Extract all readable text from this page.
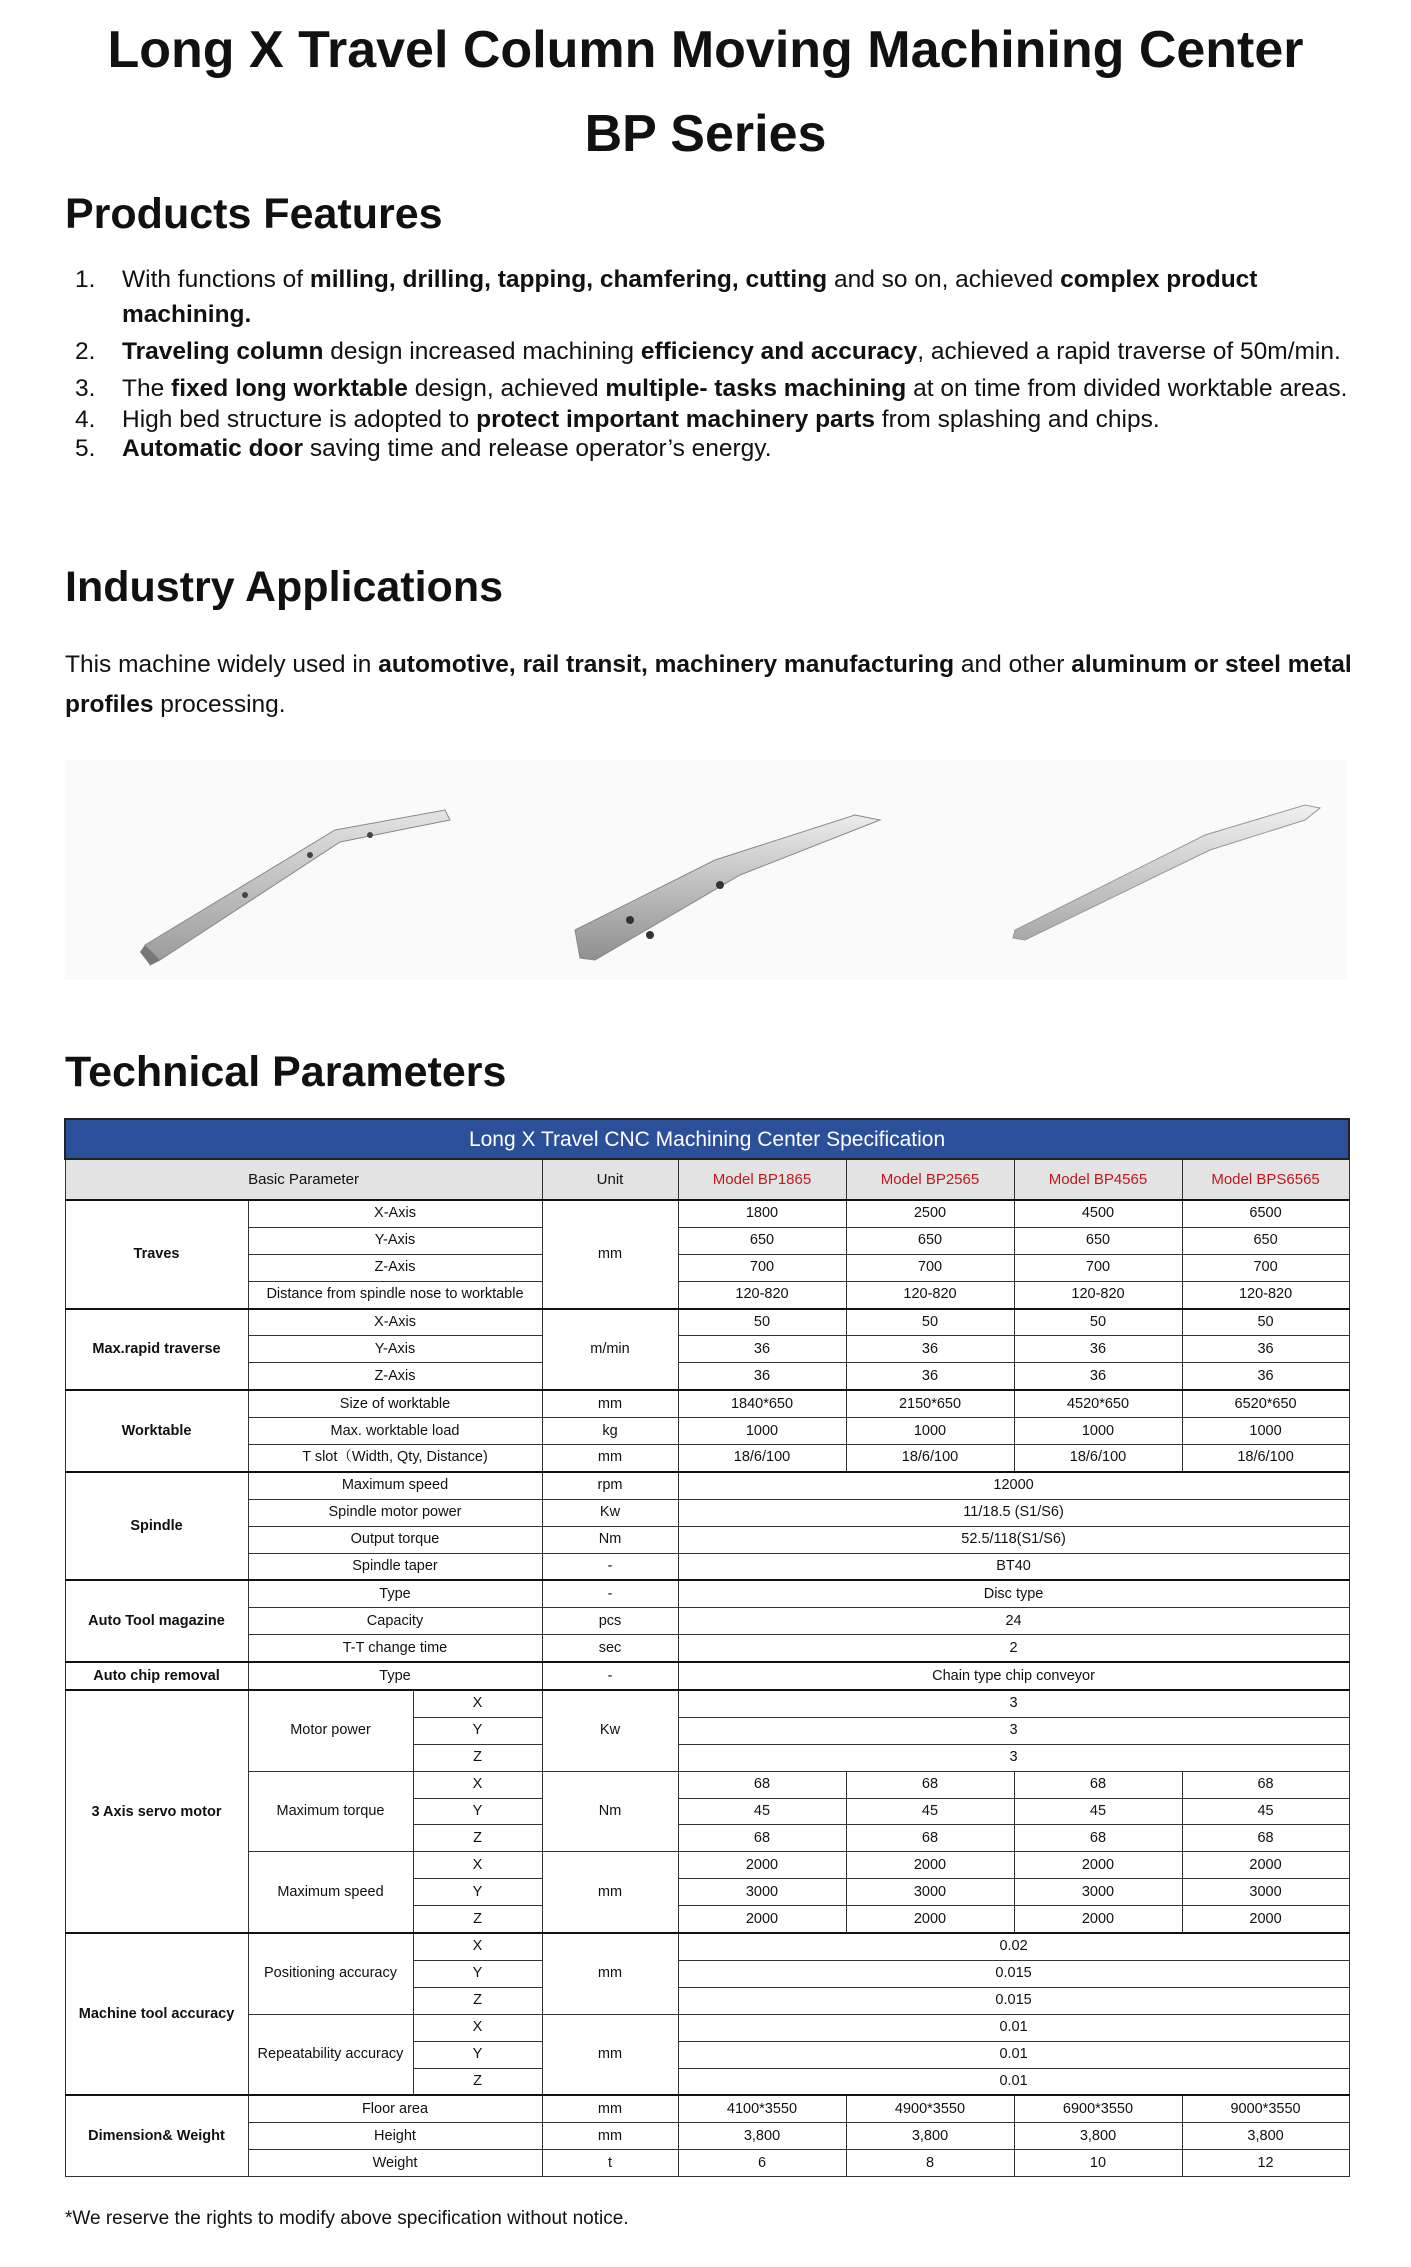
Long X Travel Column Moving Machining Center
BP Series
Products Features
1. With functions of milling, drilling, tapping, chamfering, cutting and so on, achieved complex product machining.
2. Traveling column design increased machining efficiency and accuracy, achieved a rapid traverse of 50m/min.
3. The fixed long worktable design, achieved multiple- tasks machining at on time from divided worktable areas.
4. High bed structure is adopted to protect important machinery parts from splashing and chips.
5. Automatic door saving time and release operator’s energy.
Industry Applications

This machine widely used in automotive, rail transit, machinery manufacturing and other aluminum or steel metal profiles processing.

Technical Parameters
Long X Travel CNC Machining Center Specification							
Basic Parameter			Unit	Model BP1865	Model BP2565	Model BP4565	Model BPS6565
Traves	X-Axis		mm	1800	2500	4500	6500
	Y-Axis			650	650	650	650
	Z-Axis			700	700	700	700
	Distance from spindle nose to worktable			120-820	120-820	120-820	120-820
Max.rapid traverse	X-Axis		m/min	50	50	50	50
	Y-Axis			36	36	36	36
	Z-Axis			36	36	36	36
Worktable	Size of worktable		mm	1840*650	2150*650	4520*650	6520*650
	Max. worktable load		kg	1000	1000	1000	1000
	T slot（Width, Qty, Distance)		mm	18/6/100	18/6/100	18/6/100	18/6/100
Spindle	Maximum speed		rpm	12000			
	Spindle motor power		Kw	11/18.5 (S1/S6)			
	Output torque		Nm	52.5/118(S1/S6)			
	Spindle taper		-	BT40			
Auto Tool magazine	Type		-	Disc type			
	Capacity		pcs	24			
	T-T change time		sec	2			
Auto chip removal	Type		-	Chain type chip conveyor			
3 Axis servo motor	Motor power	X	Kw	3			
		Y		3			
		Z		3			
	Maximum torque	X	Nm	68	68	68	68
		Y		45	45	45	45
		Z		68	68	68	68
	Maximum speed	X	mm	2000	2000	2000	2000
		Y		3000	3000	3000	3000
		Z		2000	2000	2000	2000
Machine tool accuracy	Positioning accuracy	X	mm	0.02			
		Y		0.015			
		Z		0.015			
	Repeatability accuracy	X	mm	0.01			
		Y		0.01			
		Z		0.01			
Dimension& Weight	Floor area		mm	4100*3550	4900*3550	6900*3550	9000*3550
	Height		mm	3,800	3,800	3,800	3,800
	Weight		t	6	8	10	12
*We reserve the rights to modify above specification without notice.
